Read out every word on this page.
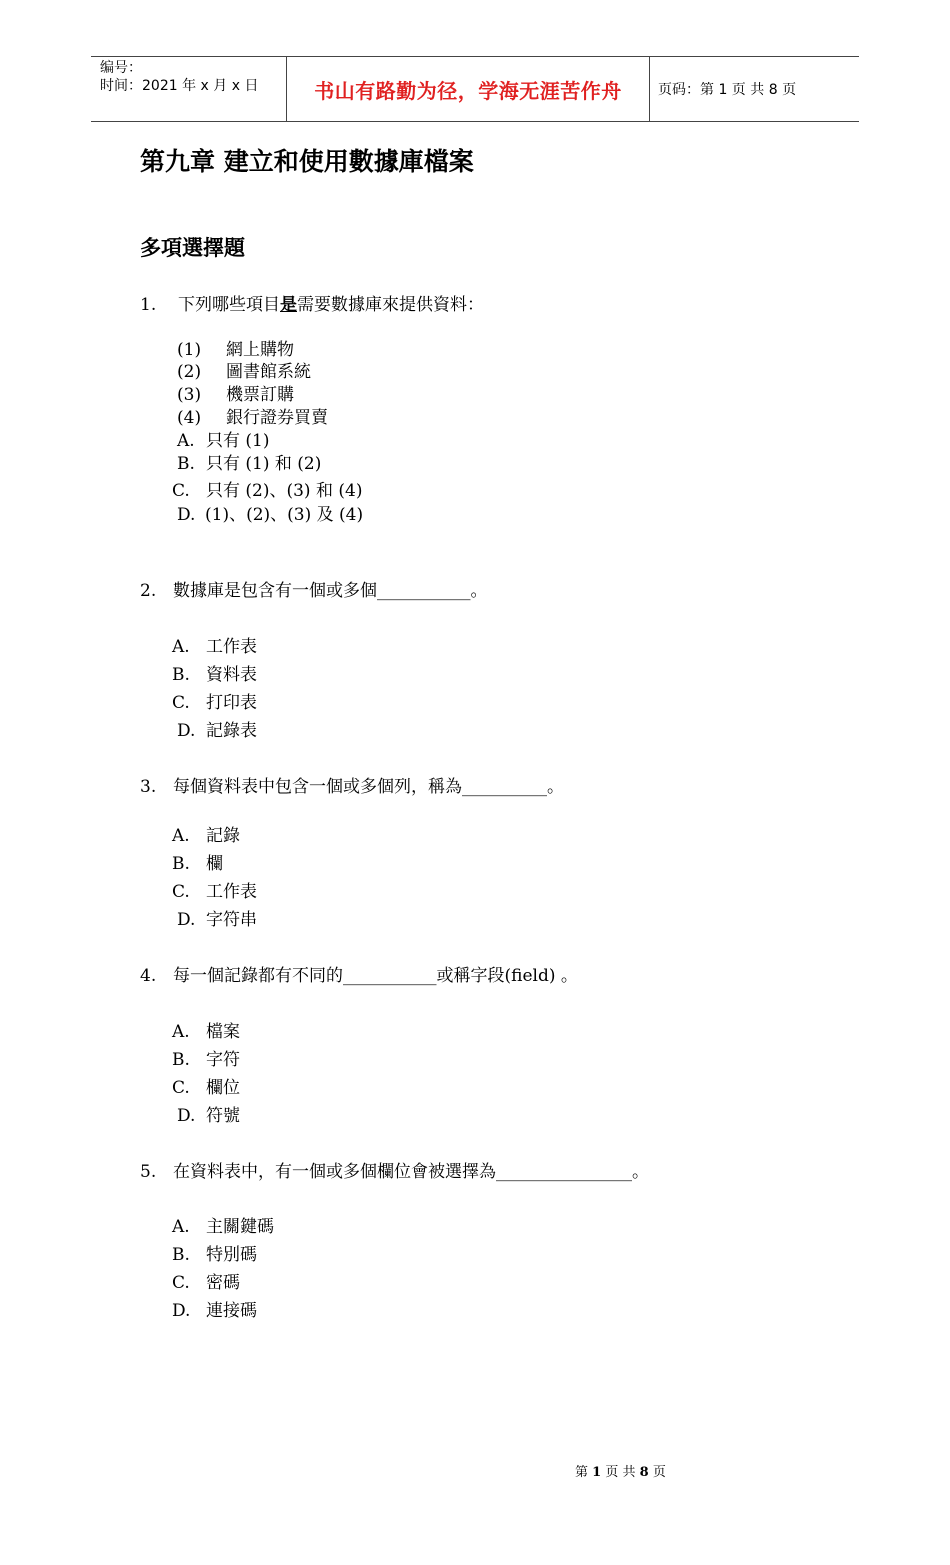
编号：
时间：2021 年 x 月 x 日	书山有路勤为径，学海无涯苦作舟	页码：第 1 页 共 8 页
第九章 建立和使用數據庫檔案
多項選擇題
1. 下列哪些項目是需要數據庫來提供資料：
(1) 網上購物
(2) 圖書館系統
(3) 機票訂購
(4) 銀行證券買賣
A. 只有 (1)
B. 只有 (1) 和 (2)
C. 只有 (2)、(3) 和 (4)
D. (1)、(2)、(3) 及 (4)
2. 數據庫是包含有一個或多個___________。
A. 工作表
B. 資料表
C. 打印表
D. 記錄表
3. 每個資料表中包含一個或多個列，稱為__________。
A. 記錄
B. 欄
C. 工作表
D. 字符串
4. 每一個記錄都有不同的___________或稱字段(field) 。
A. 檔案
B. 字符
C. 欄位
D. 符號
5. 在資料表中，有一個或多個欄位會被選擇為________________。
A. 主關鍵碼
B. 特別碼
C. 密碼
D. 連接碼
第 1 页 共 8 页
